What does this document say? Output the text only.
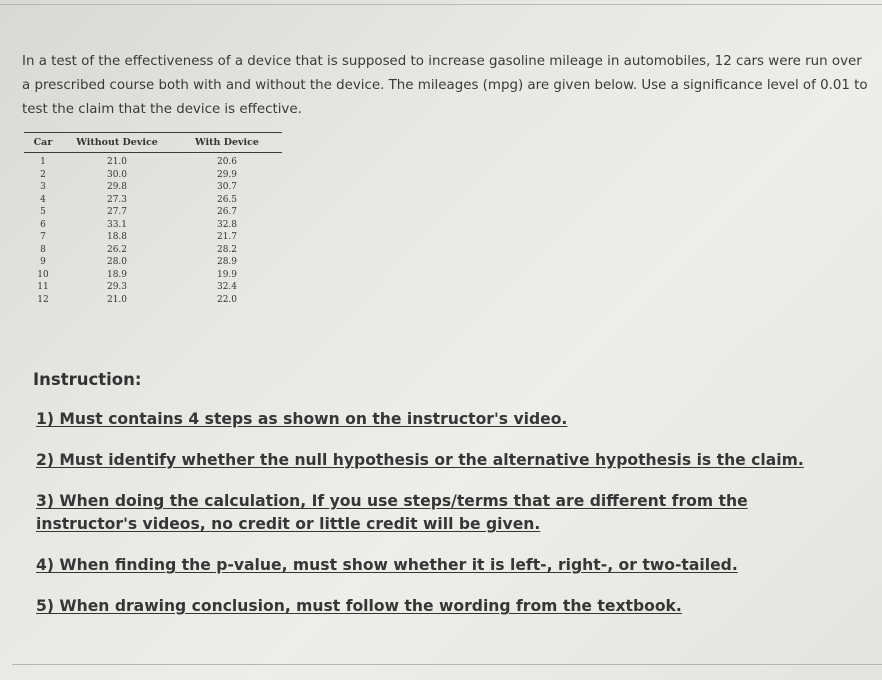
In a test of the effectiveness of a device that is supposed to increase gasoline mileage in automobiles, 12 cars were run over a prescribed course both with and without the device. The mileages (mpg) are given below. Use a significance level of 0.01 to test the claim that the device is effective.

Car	Without Device	With Device
1	21.0	20.6
2	30.0	29.9
3	29.8	30.7
4	27.3	26.5
5	27.7	26.7
6	33.1	32.8
7	18.8	21.7
8	26.2	28.2
9	28.0	28.9
10	18.9	19.9
11	29.3	32.4
12	21.0	22.0
Instruction:
1) Must contains 4 steps as shown on the instructor's video.
2) Must identify whether the null hypothesis or the alternative hypothesis is the claim.
3) When doing the calculation, If you use steps/terms that are different from the instructor's videos, no credit or little credit will be given.
4) When finding the p-value, must show whether it is left-, right-, or two-tailed.
5) When drawing conclusion, must follow the wording from the textbook.
